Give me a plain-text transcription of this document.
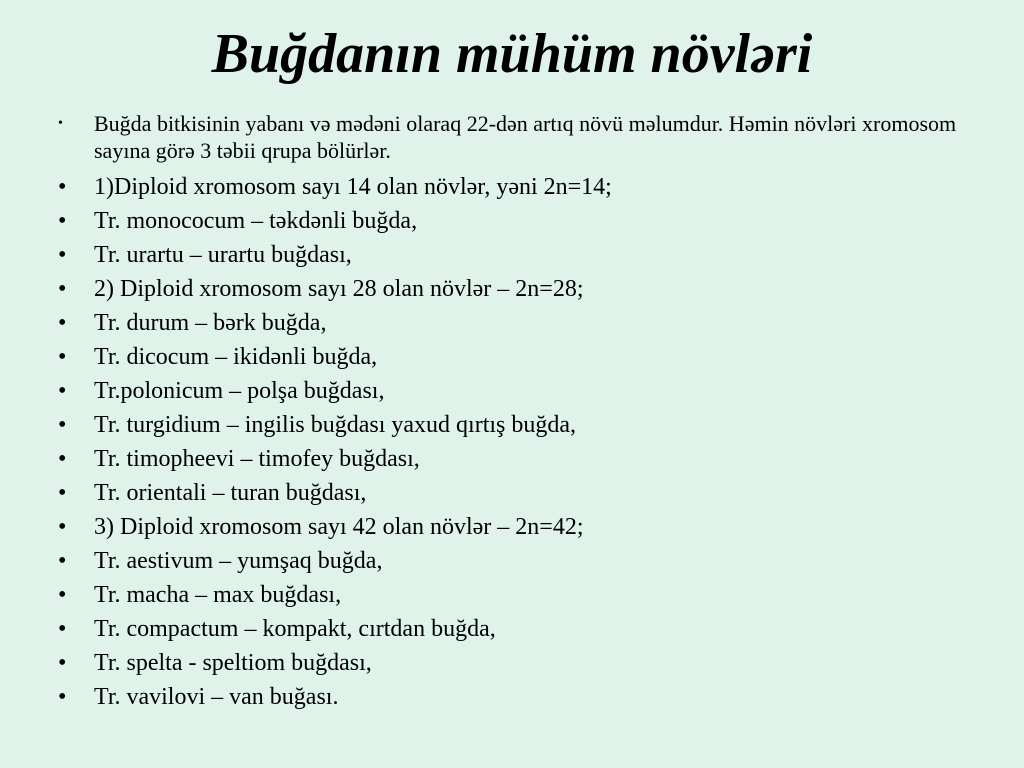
Buğdanın mühüm növləri
• Buğda bitkisinin yabanı və mədəni olaraq 22-dən artıq növü məlumdur. Həmin növləri xromosom sayına görə 3 təbii qrupa bölürlər.
• 1)Diploid xromosom sayı 14 olan növlər, yəni 2n=14;
• Tr. monococum – təkdənli buğda,
• Tr. urartu – urartu buğdası,
• 2) Diploid xromosom sayı 28 olan növlər – 2n=28;
• Tr. durum – bərk buğda,
• Tr. dicocum – ikidənli buğda,
• Tr.polonicum – polşa buğdası,
• Tr. turgidium – ingilis buğdası yaxud qırtış buğda,
• Tr. timopheevi – timofey buğdası,
• Tr. orientali – turan buğdası,
• 3) Diploid xromosom sayı 42 olan növlər – 2n=42;
• Tr. aestivum – yumşaq buğda,
• Tr. macha – max buğdası,
• Tr. compactum – kompakt, cırtdan buğda,
• Tr. spelta - speltiom buğdası,
• Tr. vavilovi – van buğası.
